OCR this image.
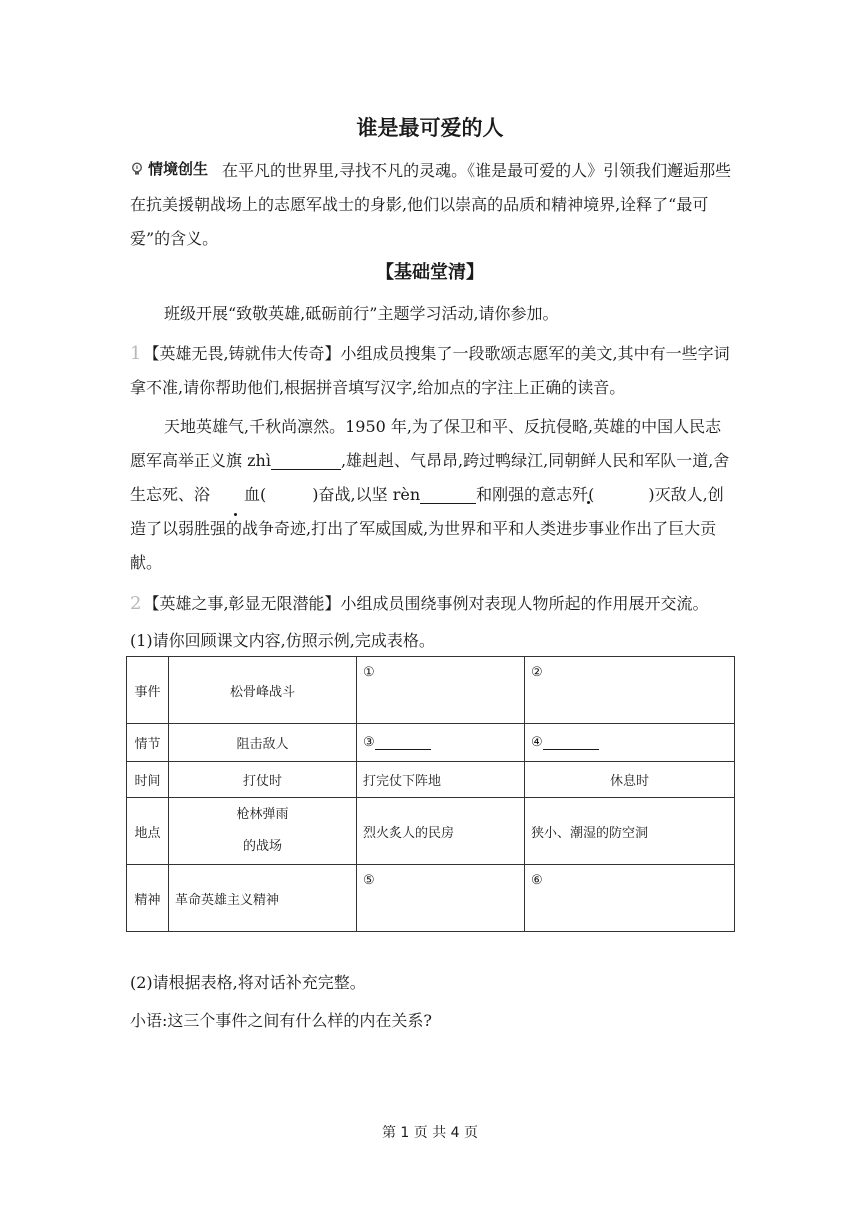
谁是最可爱的人
情境创生 在平凡的世界里,寻找不凡的灵魂。《谁是最可爱的人》引领我们邂逅那些在抗美援朝战场上的志愿军战士的身影,他们以崇高的品质和精神境界,诠释了“最可爱”的含义。
【基础堂清】
班级开展“致敬英雄,砥砺前行”主题学习活动,请你参加。
1 【英雄无畏,铸就伟大传奇】小组成员搜集了一段歌颂志愿军的美文,其中有一些字词拿不准,请你帮助他们,根据拼音填写汉字,给加点的字注上正确的读音。
天地英雄气,千秋尚凛然。1950 年,为了保卫和平、反抗侵略,英雄的中国人民志愿军高举正义旗 zhì	,雄赳赳、气昂昂,跨过鸭绿江,同朝鲜人民和军队一道,舍生忘死、浴 血(	)奋战,以坚 rèn	和刚强的意志歼(	)灭敌人,创造了以弱胜强的战争奇迹,打出了军威国威,为世界和平和人类进步事业作出了巨大贡献。
2 【英雄之事,彰显无限潜能】小组成员围绕事例对表现人物所起的作用展开交流。
(1)请你回顾课文内容,仿照示例,完成表格。
事件	松骨峰战斗	①	②
情节	阻击敌人	③	④
时间	打仗时	打完仗下阵地	休息时
地点	枪林弹雨
的战场	烈火炙人的民房	狭小、潮湿的防空洞
精神	革命英雄主义精神	⑤	⑥
(2)请根据表格,将对话补充完整。
小语:这三个事件之间有什么样的内在关系?
第 1 页 共 4 页
